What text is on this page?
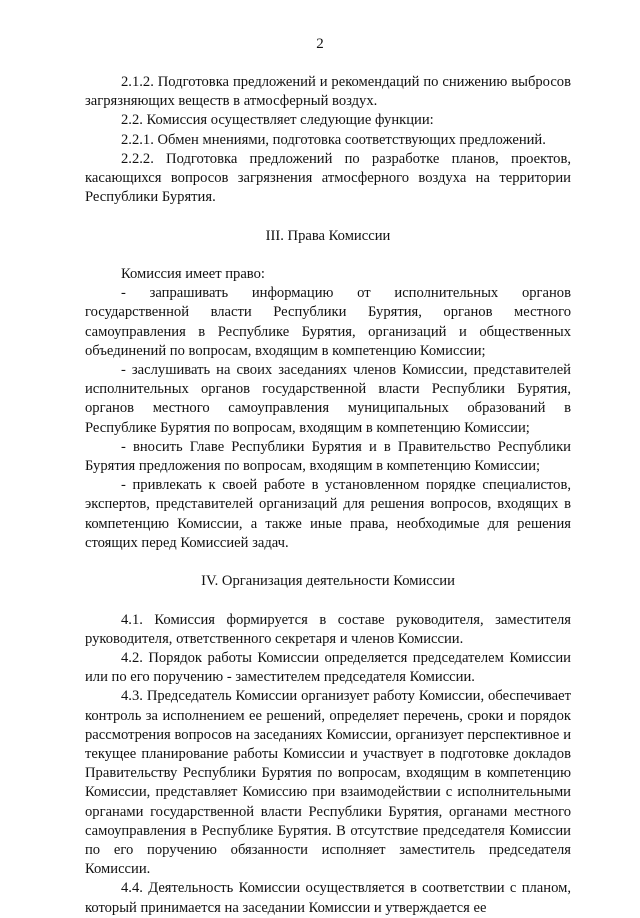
2

2.1.2. Подготовка предложений и рекомендаций по снижению выбросов загрязняющих веществ в атмосферный воздух.

2.2. Комиссия осуществляет следующие функции:

2.2.1. Обмен мнениями, подготовка соответствующих предложений.

2.2.2. Подготовка предложений по разработке планов, проектов, касающихся вопросов загрязнения атмосферного воздуха на территории Республики Бурятия.

III. Права Комиссии

Комиссия имеет право:

- запрашивать информацию от исполнительных органов государственной власти Республики Бурятия, органов местного самоуправления в Республике Бурятия, организаций и общественных объединений по вопросам, входящим в компетенцию Комиссии;

- заслушивать на своих заседаниях членов Комиссии, представителей исполнительных органов государственной власти Республики Бурятия, органов местного самоуправления муниципальных образований в Республике Бурятия по вопросам, входящим в компетенцию Комиссии;

- вносить Главе Республики Бурятия и в Правительство Республики Бурятия предложения по вопросам, входящим в компетенцию Комиссии;

- привлекать к своей работе в установленном порядке специалистов, экспертов, представителей организаций для решения вопросов, входящих в компетенцию Комиссии, а также иные права, необходимые для решения стоящих перед Комиссией задач.

IV. Организация деятельности Комиссии

4.1. Комиссия формируется в составе руководителя, заместителя руководителя, ответственного секретаря и членов Комиссии.

4.2. Порядок работы Комиссии определяется председателем Комиссии или по его поручению - заместителем председателя Комиссии.

4.3. Председатель Комиссии организует работу Комиссии, обеспечивает контроль за исполнением ее решений, определяет перечень, сроки и порядок рассмотрения вопросов на заседаниях Комиссии, организует перспективное и текущее планирование работы Комиссии и участвует в подготовке докладов Правительству Республики Бурятия по вопросам, входящим в компетенцию Комиссии, представляет Комиссию при взаимодействии с исполнительными органами государственной власти Республики Бурятия, органами местного самоуправления в Республике Бурятия. В отсутствие председателя Комиссии по его поручению обязанности исполняет заместитель председателя Комиссии.

4.4. Деятельность Комиссии осуществляется в соответствии с планом, который принимается на заседании Комиссии и утверждается ее
